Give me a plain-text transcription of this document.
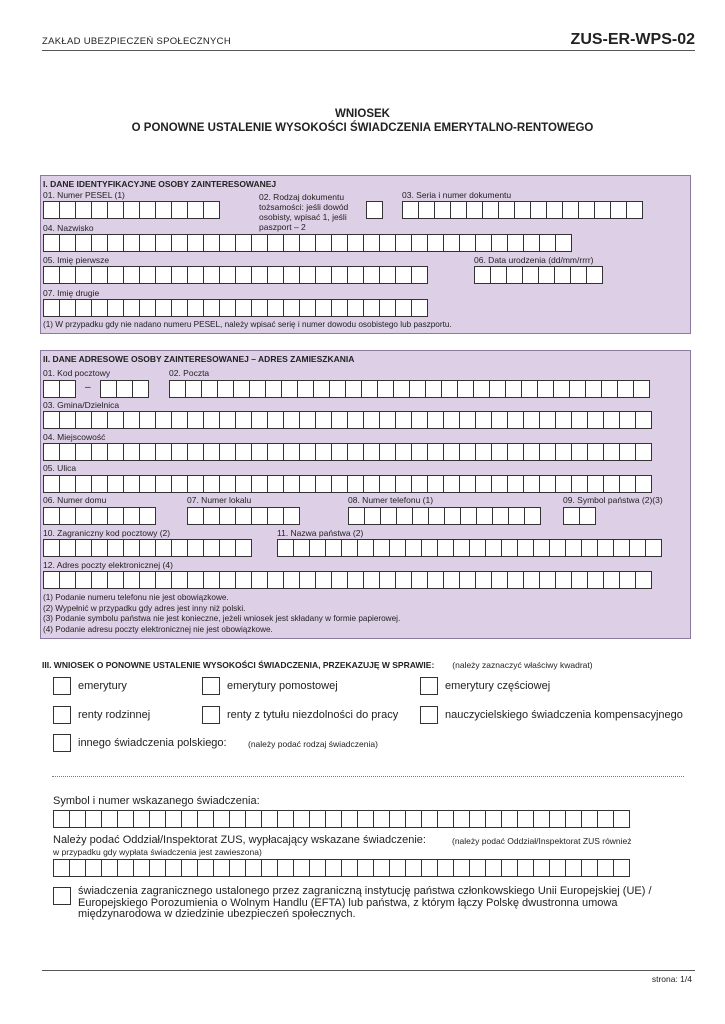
ZAKŁAD UBEZPIECZEŃ SPOŁECZNYCH	ZUS-ER-WPS-02
WNIOSEK
O PONOWNE USTALENIE WYSOKOŚCI ŚWIADCZENIA EMERYTALNO-RENTOWEGO
I. DANE IDENTYFIKACYJNE OSOBY ZAINTERESOWANEJ
01. Numer PESEL (1)	02. Rodzaj dokumentu tożsamości: jeśli dowód osobisty, wpisać 1, jeśli paszport – 2
03. Seria i numer dokumentu
04. Nazwisko
05. Imię pierwsze	06. Data urodzenia (dd/mm/rrrr)
07. Imię drugie
(1) W przypadku gdy nie nadano numeru PESEL, należy wpisać serię i numer dowodu osobistego lub paszportu.
II. DANE ADRESOWE OSOBY ZAINTERESOWANEJ – ADRES ZAMIESZKANIA
01. Kod pocztowy
–
02. Poczta
03. Gmina/Dzielnica
04. Miejscowość
05. Ulica
06. Numer domu	07. Numer lokalu	08. Numer telefonu (1)	09. Symbol państwa (2)(3)
10. Zagraniczny kod pocztowy (2)	11. Nazwa państwa (2)
12. Adres poczty elektronicznej (4)
(1) Podanie numeru telefonu nie jest obowiązkowe.
(2) Wypełnić w przypadku gdy adres jest inny niż polski.
(3) Podanie symbolu państwa nie jest konieczne, jeżeli wniosek jest składany w formie papierowej.
(4) Podanie adresu poczty elektronicznej nie jest obowiązkowe.
III. WNIOSEK O PONOWNE USTALENIE WYSOKOŚCI ŚWIADCZENIA, PRZEKAZUJĘ W SPRAWIE: (należy zaznaczyć właściwy kwadrat)
emerytury	emerytury pomostowej	emerytury częściowej
renty rodzinnej	renty z tytułu niezdolności do pracy	nauczycielskiego świadczenia kompensacyjnego
innego świadczenia polskiego:	(należy podać rodzaj świadczenia)
Symbol i numer wskazanego świadczenia:
Należy podać Oddział/Inspektorat ZUS, wypłacający wskazane świadczenie:	(należy podać Oddział/Inspektorat ZUS również
w przypadku gdy wypłata świadczenia jest zawieszona)
świadczenia zagranicznego ustalonego przez zagraniczną instytucję państwa członkowskiego Unii Europejskiej (UE) / Europejskiego Porozumienia o Wolnym Handlu (EFTA) lub państwa, z którym łączy Polskę dwustronna umowa międzynarodowa w dziedzinie ubezpieczeń społecznych.
strona: 1/4
